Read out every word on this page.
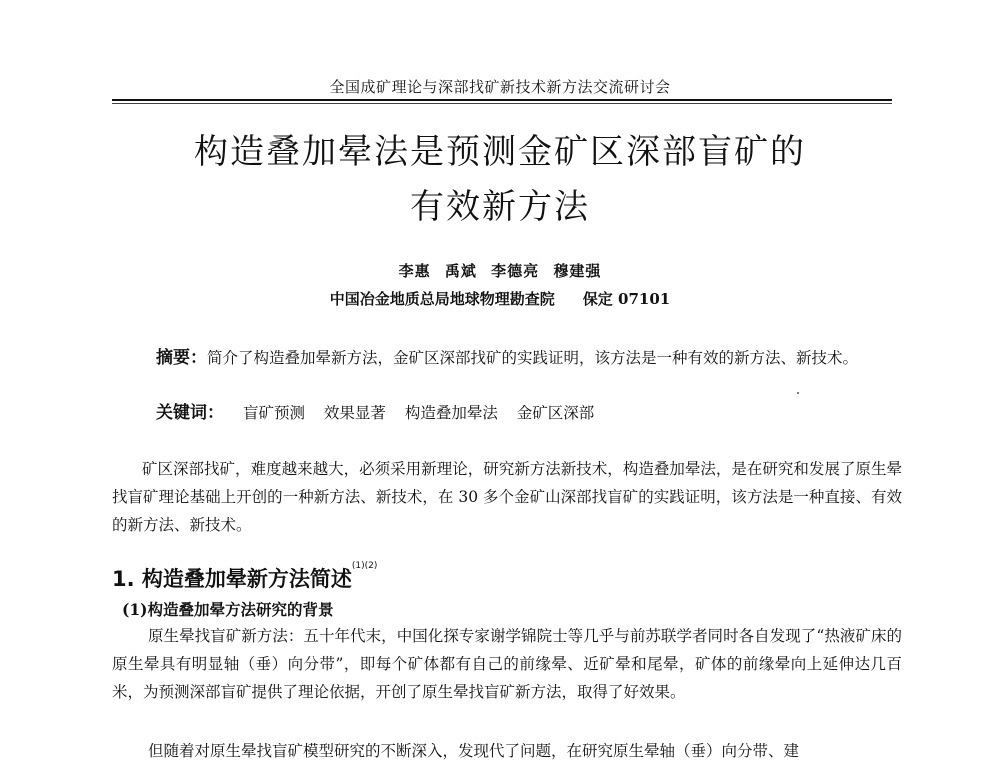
全国成矿理论与深部找矿新技术新方法交流研讨会
构造叠加晕法是预测金矿区深部盲矿的
有效新方法
李惠 禹斌 李德亮 穆建强
中国冶金地质总局地球物理勘查院 保定 07101

摘要：简介了构造叠加晕新方法，金矿区深部找矿的实践证明，该方法是一种有效的新方法、新技术。

关键词： 盲矿预测 效果显著 构造叠加晕法 金矿区深部

矿区深部找矿，难度越来越大，必须采用新理论，研究新方法新技术，构造叠加晕法，是在研究和发展了原生晕找盲矿理论基础上开创的一种新方法、新技术，在 30 多个金矿山深部找盲矿的实践证明，该方法是一种直接、有效的新方法、新技术。

1. 构造叠加晕新方法简述$^{(1)(2)}$
(1)构造叠加晕方法研究的背景

原生晕找盲矿新方法：五十年代末，中国化探专家谢学锦院士等几乎与前苏联学者同时各自发现了“热液矿床的原生晕具有明显轴（垂）向分带”，即每个矿体都有自己的前缘晕、近矿晕和尾晕，矿体的前缘晕向上延伸达几百米，为预测深部盲矿提供了理论依据，开创了原生晕找盲矿新方法，取得了好效果。

但随着对原生晕找盲矿模型研究的不断深入，发现代了问题，在研究原生晕轴（垂）向分带、建
